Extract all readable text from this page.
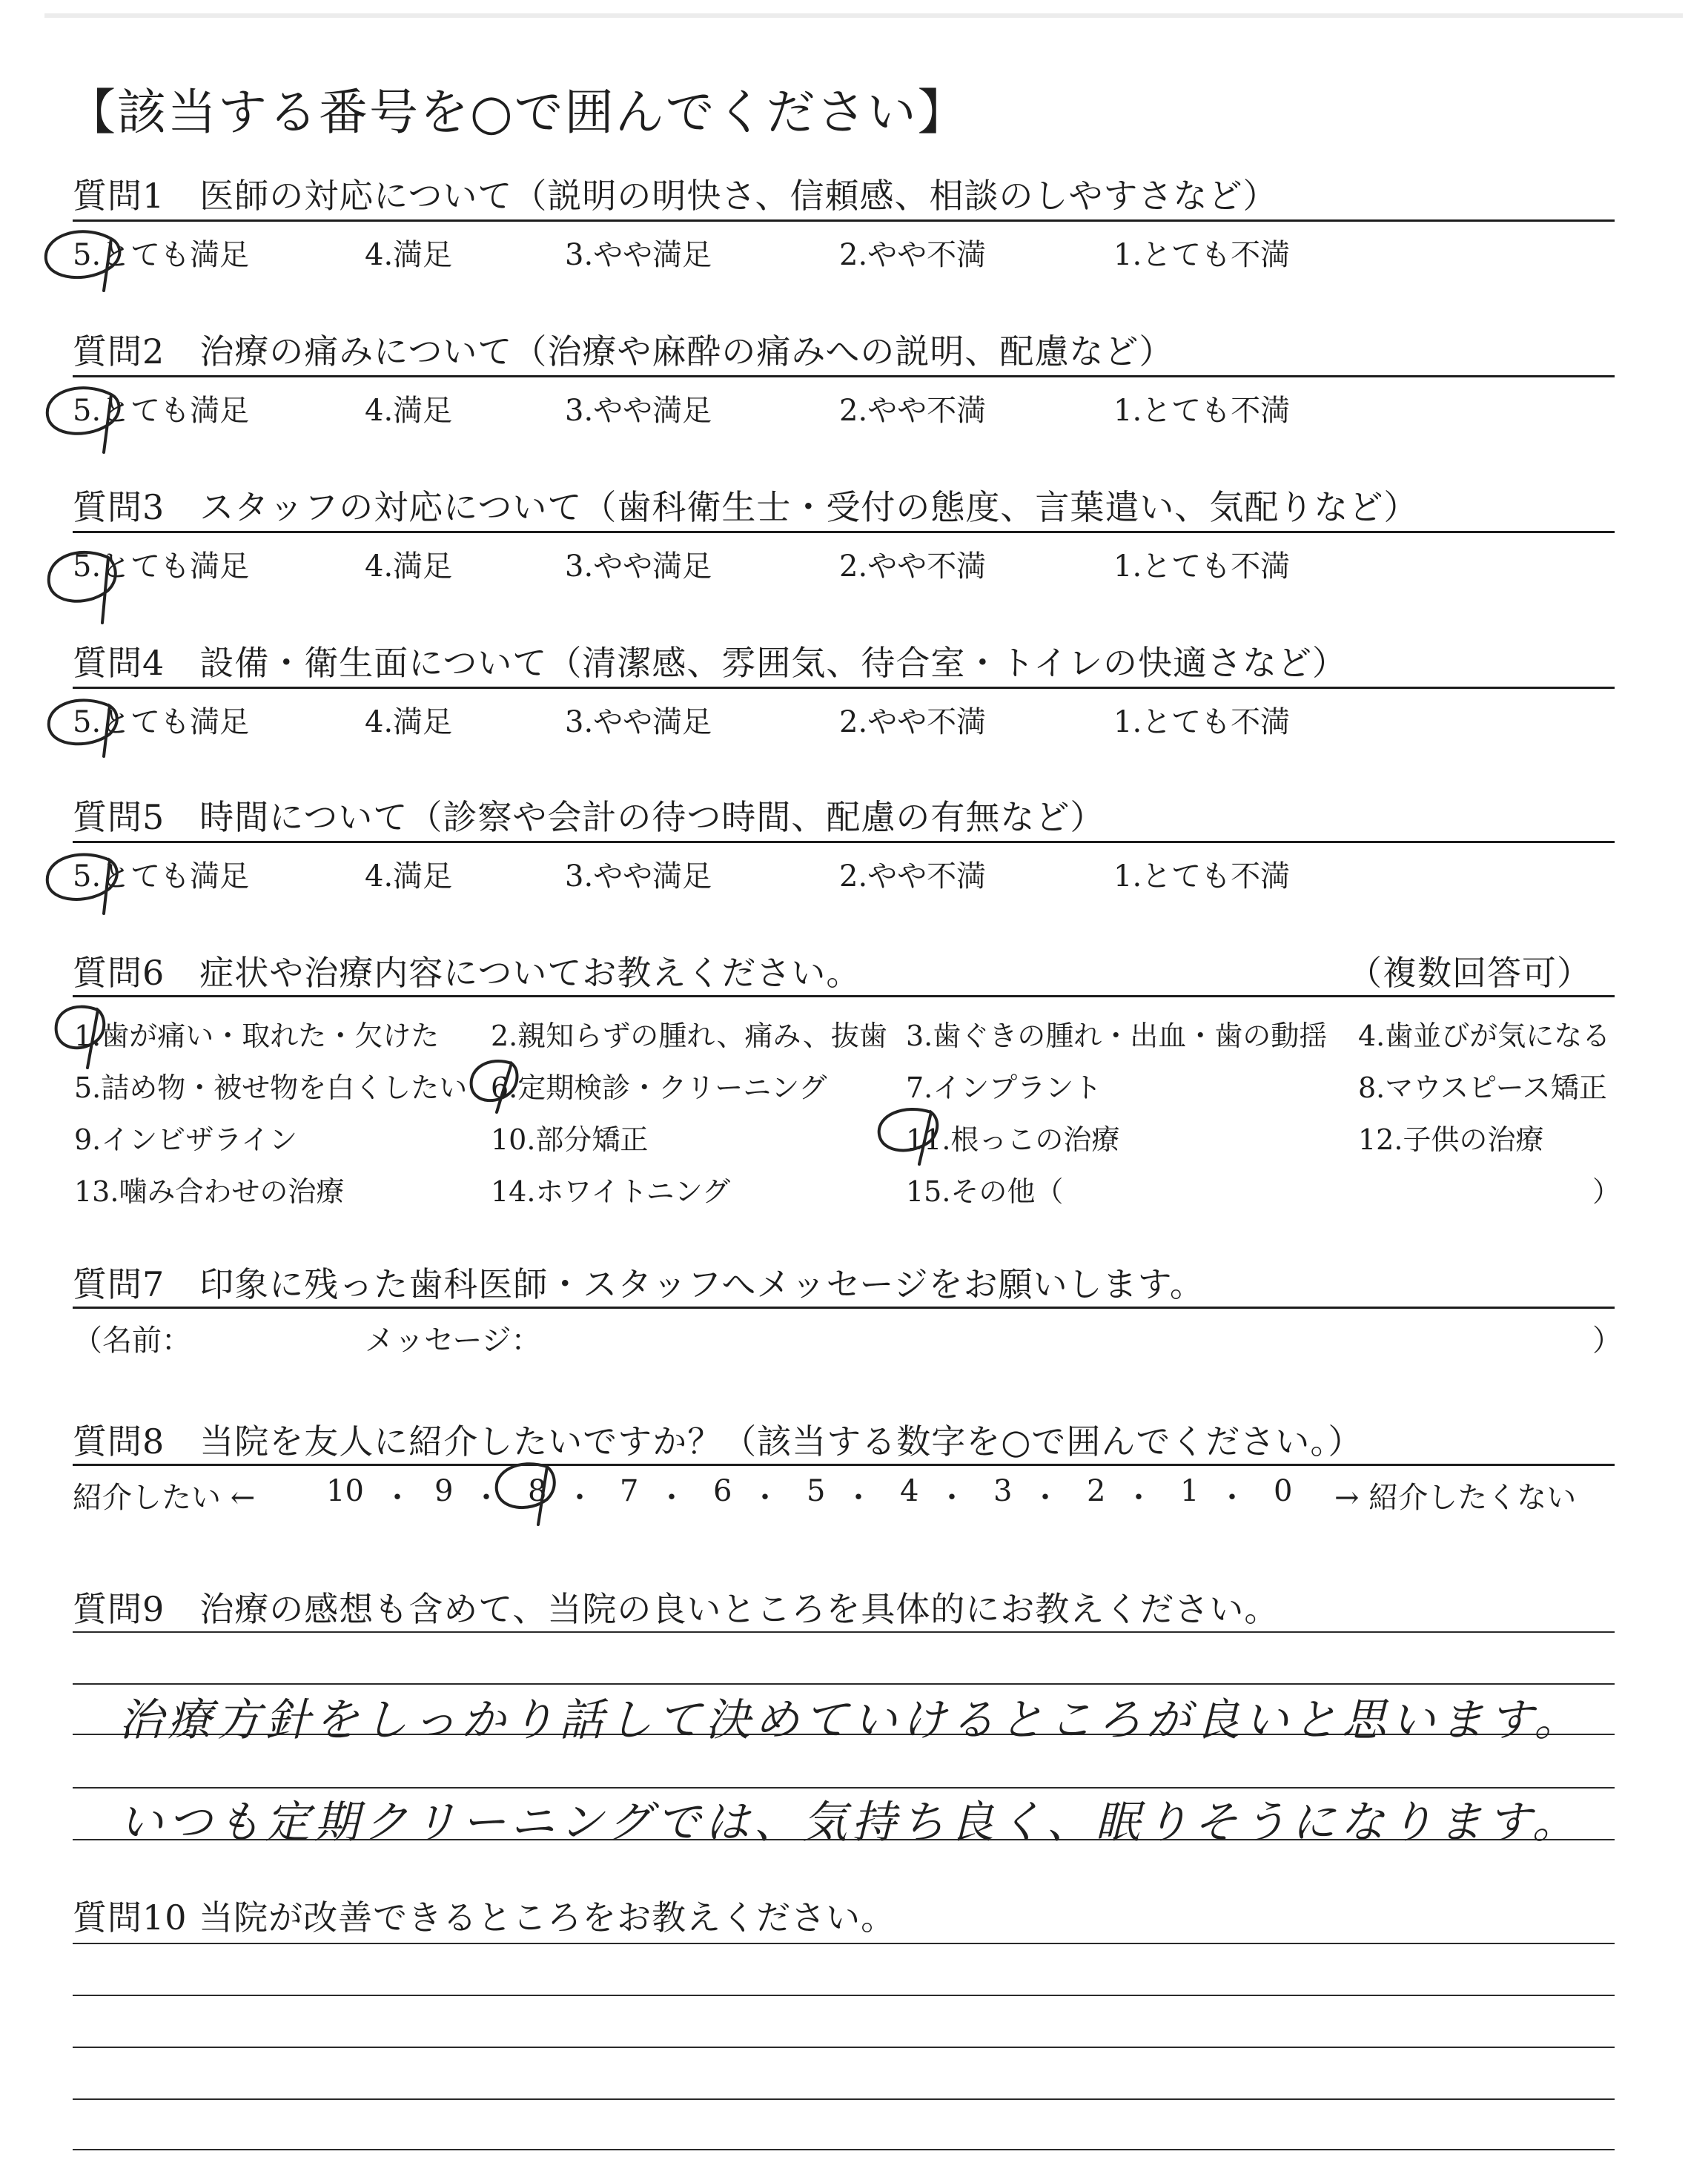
【該当する番号を○で囲んでください】
質問1　医師の対応について（説明の明快さ、信頼感、相談のしやすさなど）
5.とても満足	4.満足	3.やや満足	2.やや不満	1.とても不満
質問2　治療の痛みについて（治療や麻酔の痛みへの説明、配慮など）
5.とても満足	4.満足	3.やや満足	2.やや不満	1.とても不満
質問3　スタッフの対応について（歯科衛生士・受付の態度、言葉遣い、気配りなど）
5.とても満足	4.満足	3.やや満足	2.やや不満	1.とても不満
質問4　設備・衛生面について（清潔感、雰囲気、待合室・トイレの快適さなど）
5.とても満足	4.満足	3.やや満足	2.やや不満	1.とても不満
質問5　時間について（診察や会計の待つ時間、配慮の有無など）
5.とても満足	4.満足	3.やや満足	2.やや不満	1.とても不満
質問6　症状や治療内容についてお教えください。	（複数回答可）
1.歯が痛い・取れた・欠けた 2.親知らずの腫れ、痛み、抜歯 3.歯ぐきの腫れ・出血・歯の動揺 4.歯並びが気になる
5.詰め物・被せ物を白くしたい 6.定期検診・クリーニング	7.インプラント	8.マウスピース矯正
9.インビザライン	10.部分矯正	11.根っこの治療	12.子供の治療
13.噛み合わせの治療	14.ホワイトニング	15.その他（	）
質問7　印象に残った歯科医師・スタッフへメッセージをお願いします。
（名前：	メッセージ：	）
質問8　当院を友人に紹介したいですか？（該当する数字を○で囲んでください。）
紹介したい ← 10 ・ 9 ・ 8 ・ 7 ・ 6 ・ 5 ・ 4 ・ 3 ・ 2 ・ 1 ・ 0 → 紹介したくない
質問9　治療の感想も含めて、当院の良いところを具体的にお教えください。
治療方針をしっかり話して決めていけるところが良いと思います。
いつも定期クリーニングでは、気持ち良く、眠りそうになります。
質問10 当院が改善できるところをお教えください。
